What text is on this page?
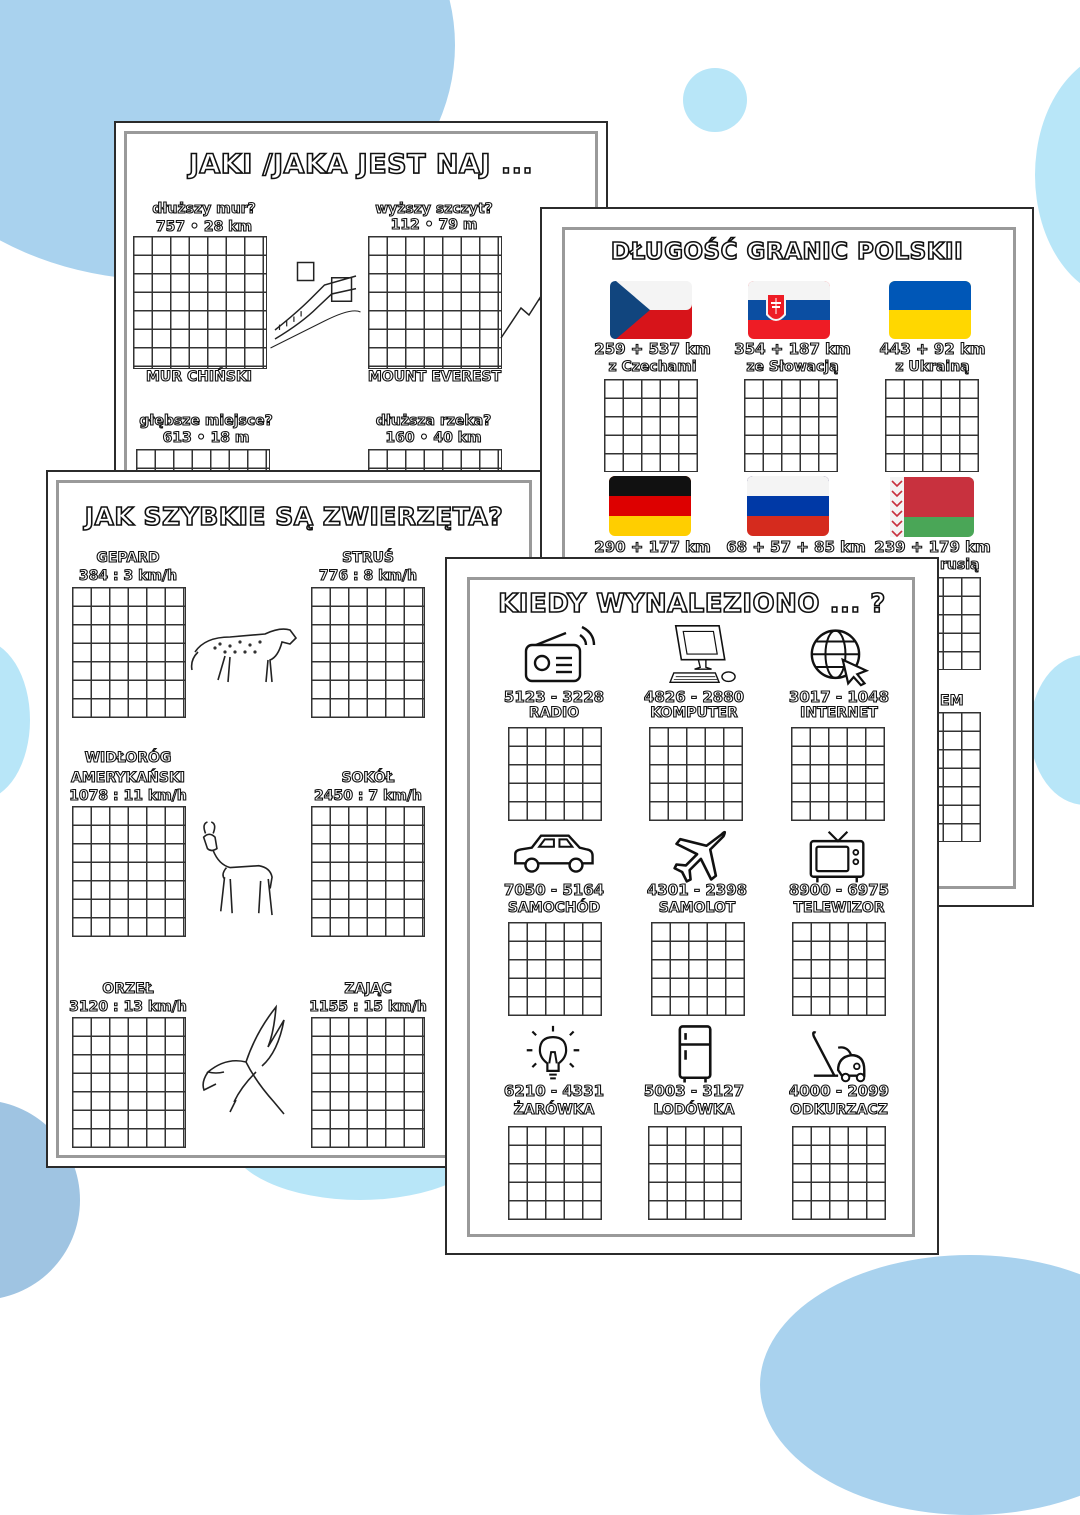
JAKI /JAKA JEST NAJ ...
dłuższy mur?
757 • 28 km
MUR CHIŃSKI
wyższy szczyt?
112 • 79 m
MOUNT EVEREST
głębsze miejsce?
613 • 18 m
dłuższa rzeka?
160 • 40 km
DŁUGOŚĆ GRANIC POLSKII
259 + 537 km
z Czechami
354 + 187 km
ze Słowacją
443 + 92 km
z Ukrainą
290 + 177 km	68 + 57 + 85 km 239 + 179 km
rusią
EM
JAK SZYBKIE SĄ ZWIERZĘTA?
GEPARD
384 : 3 km/h
STRUŚ
776 : 8 km/h
WIDŁORÓG
AMERYKAŃSKI
1078 : 11 km/h
SOKÓŁ
2450 : 7 km/h
ORZEŁ
3120 : 13 km/h
ZAJĄC
1155 : 15 km/h
KIEDY WYNALEZIONO ... ?
5123 - 3228
RADIO
4826 - 2880
KOMPUTER
3017 - 1048
INTERNET
7050 - 5164
SAMOCHÓD
4301 - 2398
SAMOLOT
8900 - 6975
TELEWIZOR
6210 - 4331
ŻARÓWKA
5003 - 3127
LODÓWKA
4000 - 2099
ODKURZACZ
